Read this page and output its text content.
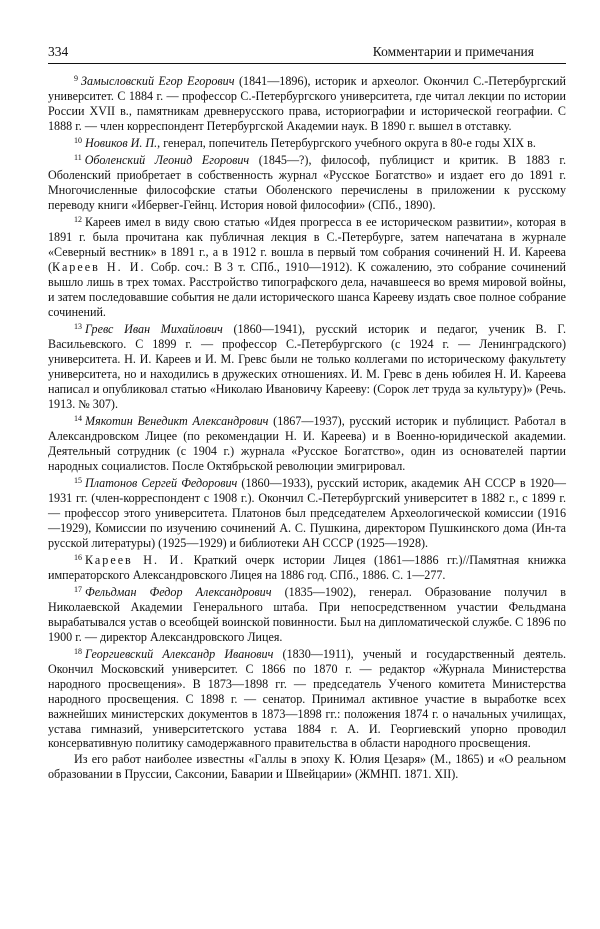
334	Комментарии и примечания

$^9$ Замысловский Егор Егорович (1841—1896), историк и археолог. Окончил С.-Петербургский университет. С 1884 г. — профессор С.-Петербургского университета, где читал лекции по истории России XVII в., памятникам древнерусского права, историографии и исторической географии. С 1888 г. — член корреспондент Петербургской Академии наук. В 1890 г. вышел в отставку.

$^{10}$ Новиков И. П., генерал, попечитель Петербургского учебного округа в 80-е годы XIX в.

$^{11}$ Оболенский Леонид Егорович (1845—?), философ, публицист и критик. В 1883 г. Оболенский приобретает в собственность журнал «Русское Богатство» и издает его до 1891 г. Многочисленные философские статьи Оболенского перечислены в приложении к русскому переводу книги «Ибервег-Гейнц. История новой философии» (СПб., 1890).

$^{12}$ Кареев имел в виду свою статью «Идея прогресса в ее историческом развитии», которая в 1891 г. была прочитана как публичная лекция в С.-Петербурге, затем напечатана в журнале «Северный вестник» в 1891 г., а в 1912 г. вошла в первый том собрания сочинений Н. И. Кареева (Кареев Н. И. Собр. соч.: В 3 т. СПб., 1910—1912). К сожалению, это собрание сочинений вышло лишь в трех томах. Расстройство типографского дела, начавшееся во время мировой войны, и затем последовавшие события не дали исторического шанса Карееву издать свое полное собрание сочинений.

$^{13}$ Гревс Иван Михайлович (1860—1941), русский историк и педагог, ученик В. Г. Васильевского. С 1899 г. — профессор С.-Петербургского (с 1924 г. — Ленинградского) университета. Н. И. Кареев и И. М. Гревс были не только коллегами по историческому факультету университета, но и находились в дружеских отношениях. И. М. Гревс в день юбилея Н. И. Кареева написал и опубликовал статью «Николаю Ивановичу Карееву: (Сорок лет труда за культуру)» (Речь. 1913. № 307).

$^{14}$ Мякотин Венедикт Александрович (1867—1937), русский историк и публицист. Работал в Александровском Лицее (по рекомендации Н. И. Кареева) и в Военно-юридической академии. Деятельный сотрудник (с 1904 г.) журнала «Русское Богатство», один из основателей партии народных социалистов. После Октябрьской революции эмигрировал.

$^{15}$ Платонов Сергей Федорович (1860—1933), русский историк, академик АН СССР в 1920—1931 гг. (член-корреспондент с 1908 г.). Окончил С.-Петербургский университет в 1882 г., с 1899 г. — профессор этого университета. Платонов был председателем Археологической комиссии (1916—1929), Комиссии по изучению сочинений А. С. Пушкина, директором Пушкинского дома (Ин-та русской литературы) (1925—1929) и библиотеки АН СССР (1925—1928).

$^{16}$ Кареев Н. И. Краткий очерк истории Лицея (1861—1886 гг.)//Памятная книжка императорского Александровского Лицея на 1886 год. СПб., 1886. С. 1—277.

$^{17}$ Фельдман Федор Александрович (1835—1902), генерал. Образование получил в Николаевской Академии Генерального штаба. При непосредственном участии Фельдмана вырабатывался устав о всеобщей воинской повинности. Был на дипломатической службе. С 1896 по 1900 г. — директор Александровского Лицея.

$^{18}$ Георгиевский Александр Иванович (1830—1911), ученый и государственный деятель. Окончил Московский университет. С 1866 по 1870 г. — редактор «Журнала Министерства народного просвещения». В 1873—1898 гг. — председатель Ученого комитета Министерства народного просвещения. С 1898 г. — сенатор. Принимал активное участие в выработке всех важнейших министерских документов в 1873—1898 гг.: положения 1874 г. о начальных училищах, устава гимназий, университетского устава 1884 г. А. И. Георгиевский упорно проводил консервативную политику самодержавного правительства в области народного просвещения.

Из его работ наиболее известны «Галлы в эпоху К. Юлия Цезаря» (М., 1865) и «О реальном образовании в Пруссии, Саксонии, Баварии и Швейцарии» (ЖМНП. 1871. XII).
